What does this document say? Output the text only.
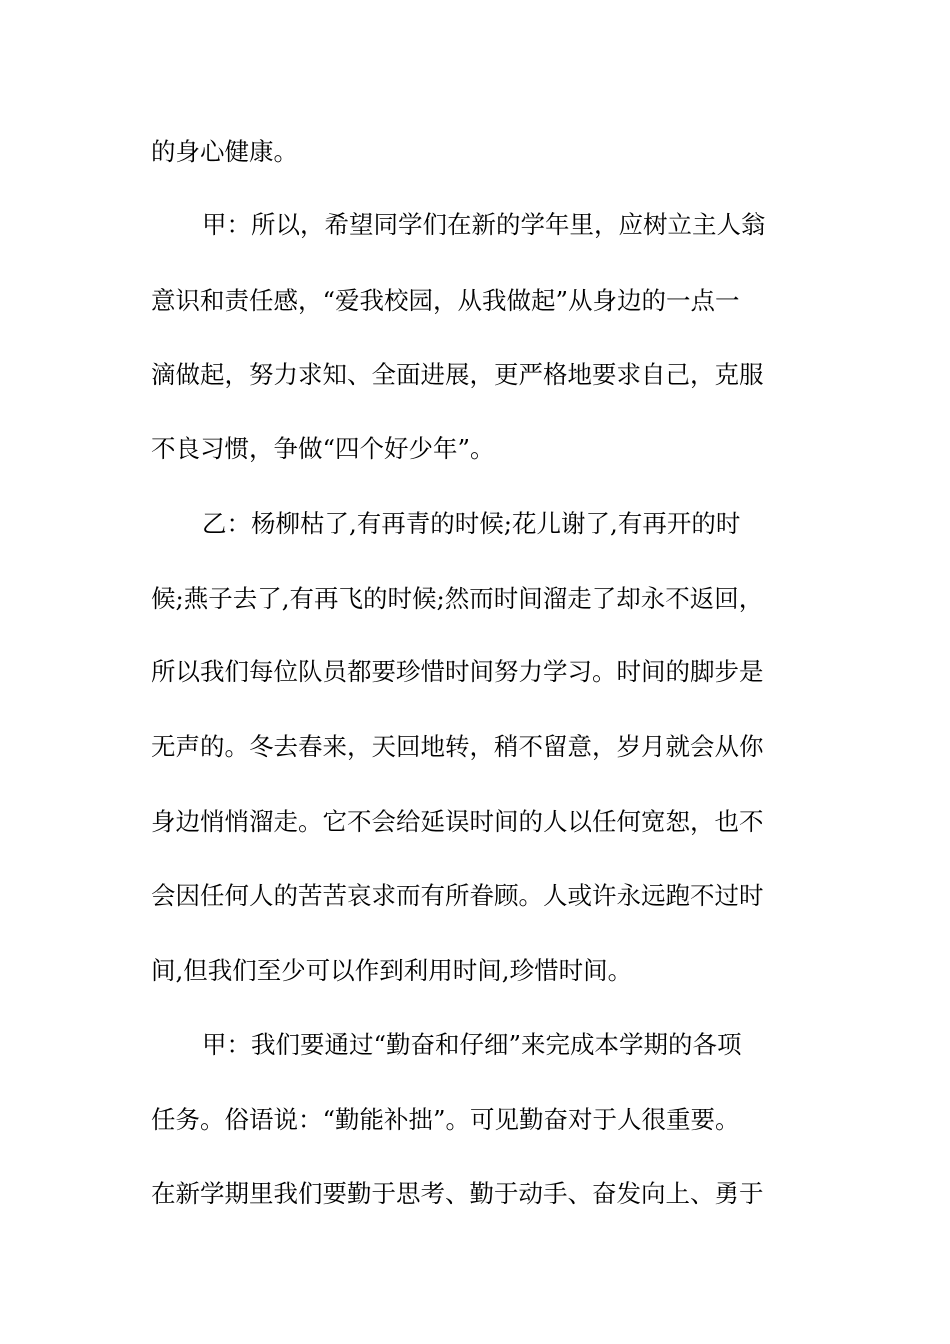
的身心健康。
甲：所以，希望同学们在新的学年里，应树立主人翁
意识和责任感，“爱我校园，从我做起”从身边的一点一
滴做起，努力求知、全面进展，更严格地要求自己，克服
不良习惯，争做“四个好少年”。
乙：杨柳枯了,有再青的时候;花儿谢了,有再开的时
候;燕子去了,有再飞的时候;然而时间溜走了却永不返回，
所以我们每位队员都要珍惜时间努力学习。时间的脚步是
无声的。冬去春来，天回地转，稍不留意，岁月就会从你
身边悄悄溜走。它不会给延误时间的人以任何宽恕，也不
会因任何人的苦苦哀求而有所眷顾。人或许永远跑不过时
间,但我们至少可以作到利用时间,珍惜时间。
甲：我们要通过“勤奋和仔细”来完成本学期的各项
任务。俗语说：“勤能补拙”。可见勤奋对于人很重要。
在新学期里我们要勤于思考、勤于动手、奋发向上、勇于
